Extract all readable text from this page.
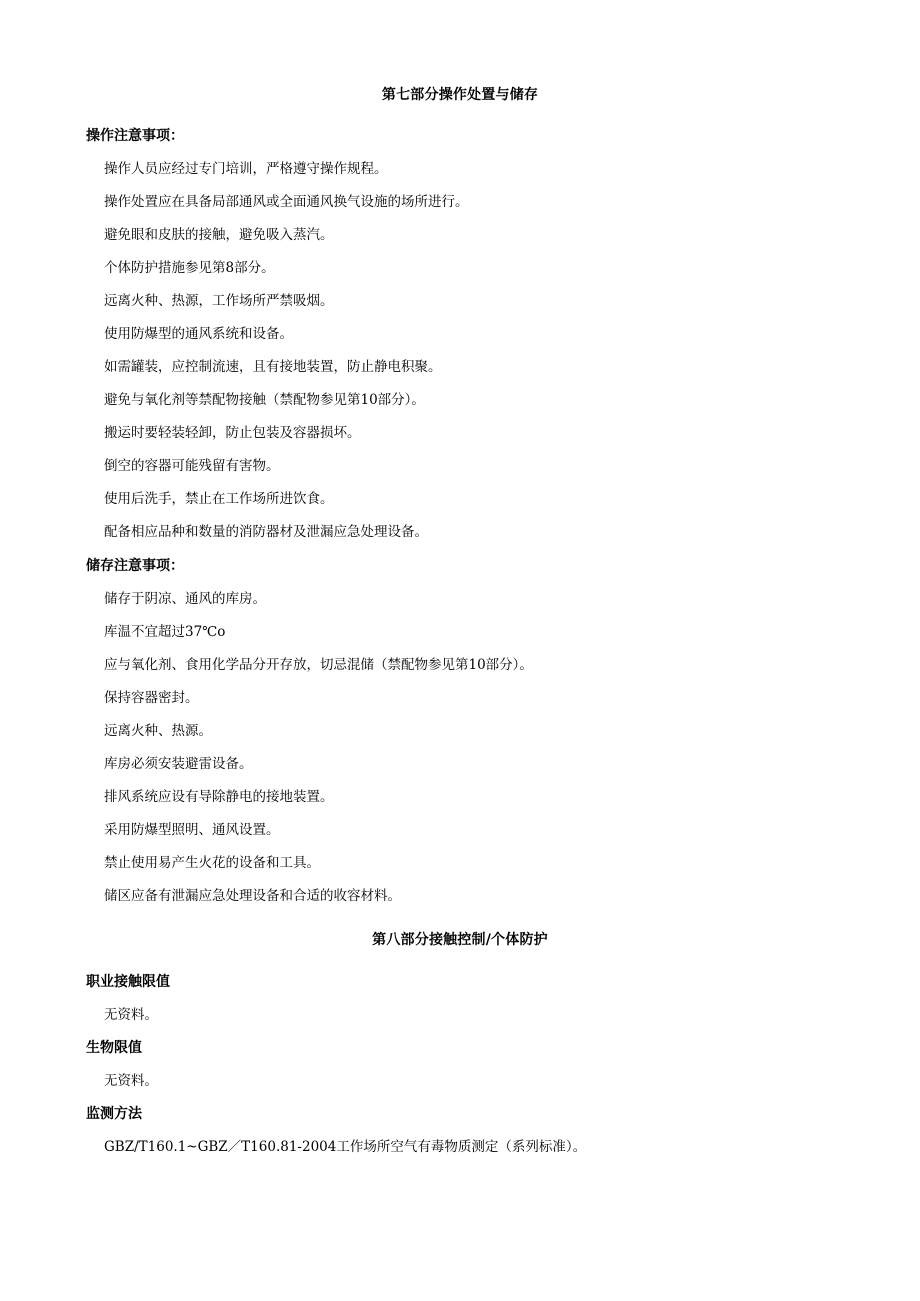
第七部分操作处置与储存
操作注意事项：
操作人员应经过专门培训，严格遵守操作规程。
操作处置应在具备局部通风或全面通风换气设施的场所进行。
避免眼和皮肤的接触，避免吸入蒸汽。
个体防护措施参见第8部分。
远离火种、热源，工作场所严禁吸烟。
使用防爆型的通风系统和设备。
如需罐装，应控制流速，且有接地装置，防止静电积聚。
避免与氧化剂等禁配物接触（禁配物参见第10部分）。
搬运时要轻装轻卸，防止包装及容器损坏。
倒空的容器可能残留有害物。
使用后洗手，禁止在工作场所进饮食。
配备相应品种和数量的消防器材及泄漏应急处理设备。
储存注意事项：
储存于阴凉、通风的库房。
库温不宜超过37℃o
应与氧化剂、食用化学品分开存放，切忌混储（禁配物参见第10部分）。
保持容器密封。
远离火种、热源。
库房必须安装避雷设备。
排风系统应设有导除静电的接地装置。
采用防爆型照明、通风设置。
禁止使用易产生火花的设备和工具。
储区应备有泄漏应急处理设备和合适的收容材料。
第八部分接触控制/个体防护
职业接触限值
无资料。
生物限值
无资料。
监测方法
GBZ/T160.1~GBZ／T160.81-2004工作场所空气有毒物质测定（系列标准）。
